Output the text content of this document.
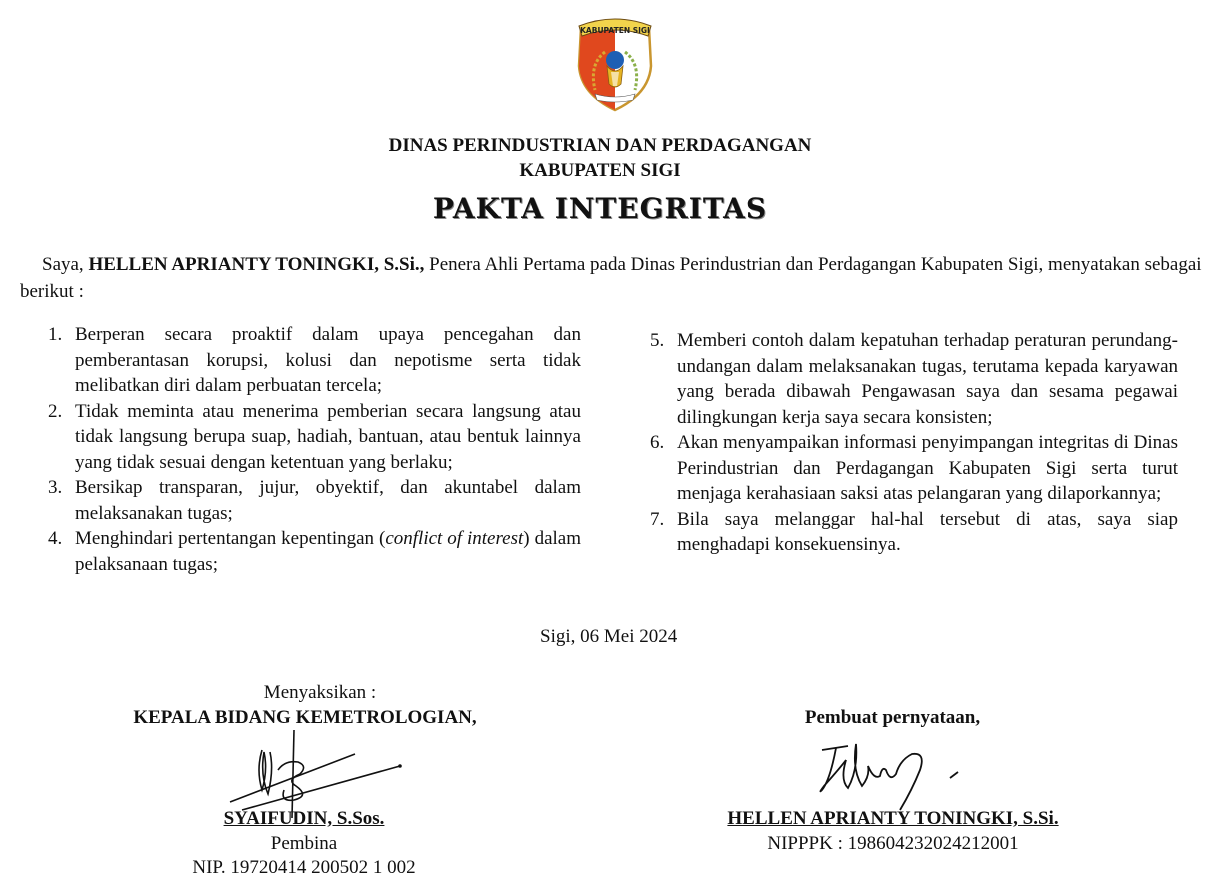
KABUPATEN SIGI
DINAS PERINDUSTRIAN DAN PERDAGANGAN
KABUPATEN SIGI
PAKTA INTEGRITAS
Saya, HELLEN APRIANTY TONINGKI, S.Si., Penera Ahli Pertama pada Dinas Perindustrian dan Perdagangan Kabupaten Sigi, menyatakan sebagai berikut :
1. Berperan secara proaktif dalam upaya pencegahan dan pemberantasan korupsi, kolusi dan nepotisme serta tidak melibatkan diri dalam perbuatan tercela;
2. Tidak meminta atau menerima pemberian secara langsung atau tidak langsung berupa suap, hadiah, bantuan, atau bentuk lainnya yang tidak sesuai dengan ketentuan yang berlaku;
3. Bersikap transparan, jujur, obyektif, dan akuntabel dalam melaksanakan tugas;
4. Menghindari pertentangan kepentingan (conflict of interest) dalam pelaksanaan tugas;
5. Memberi contoh dalam kepatuhan terhadap peraturan perundang-undangan dalam melaksanakan tugas, terutama kepada karyawan yang berada dibawah Pengawasan saya dan sesama pegawai dilingkungan kerja saya secara konsisten;
6. Akan menyampaikan informasi penyimpangan integritas di Dinas Perindustrian dan Perdagangan Kabupaten Sigi serta turut menjaga kerahasiaan saksi atas pelangaran yang dilaporkannya;
7. Bila saya melanggar hal-hal tersebut di atas, saya siap menghadapi konsekuensinya.
Sigi, 06 Mei 2024
Menyaksikan :
KEPALA BIDANG KEMETROLOGIAN,
SYAIFUDIN, S.Sos.
Pembina
NIP. 19720414 200502 1 002
Pembuat pernyataan,
HELLEN APRIANTY TONINGKI, S.Si.
NIPPPK : 198604232024212001
